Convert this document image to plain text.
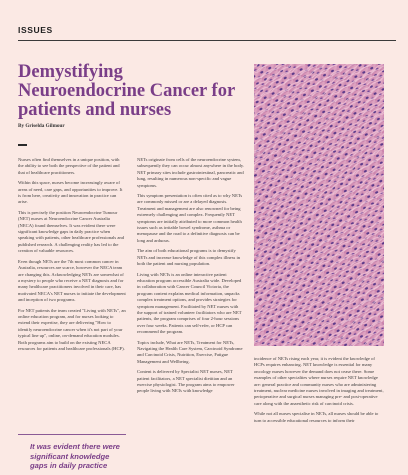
ISSUES
Demystifying Neuroendocrine Cancer for patients and nurses
By Griselda Gilmour

Nurses often find themselves in a unique position, with the ability to see both the perspective of the patient and that of healthcare practitioners.

Within this space, nurses become increasingly aware of areas of need, care gaps, and opportunities to improve. It is from here, creativity and innovation in practice can arise.

This is precisely the position Neuroendocrine Tumour (NET) nurses at Neuroendocrine Cancer Australia (NECA) found themselves. It was evident there were significant knowledge gaps in daily practice when speaking with patients, other healthcare professionals and published research. A challenging reality has led to the creation of valuable resources.

Even though NETs are the 7th most common cancer in Australia, resources are scarce, however the NECA team are changing this. Acknowledging NETs are somewhat of a mystery to people who receive a NET diagnosis and for many healthcare practitioners involved in their care, has motivated NECA's NET nurses to initiate the development and inception of two programs.

For NET patients the team created "Living with NETs", an online education program, and for nurses looking to extend their expertise, they are delivering "How to identify neuroendocrine cancer when it's not part of your typical line up", online, on-demand education modules. Both programs aim to build on the existing NECA resources for patients and healthcare professionals (HCP).

It was evident there were significant knowledge gaps in daily practice

NETs originate from cells of the neuroendocrine system, subsequently they can occur almost anywhere in the body. NET primary sites include gastrointestinal, pancreatic and lung, resulting in numerous non-specific and vague symptoms.

This symptom presentation is often cited as to why NETs are commonly missed or are a delayed diagnosis. Treatment and management are also renowned for being extremely challenging and complex. Frequently NET symptoms are initially attributed to more common health issues such as irritable bowel syndrome, asthma or menopause and the road to a definitive diagnosis can be long and arduous.

The aim of both educational programs is to demystify NETs and increase knowledge of this complex illness in both the patient and nursing population.

Living with NETs is an online interactive patient education program accessible Australia wide. Developed in collaboration with Cancer Council Victoria, the program content explains medical information, unpacks complex treatment options, and provides strategies for symptom management. Facilitated by NET nurses with the support of trained volunteer facilitators who are NET patients, the program comprises of four 2-hour sessions over four weeks. Patients can self-refer, or HCP can recommend the program.

Topics include, What are NETs, Treatment for NETs, Navigating the Health Care System, Carcinoid Syndrome and Carcinoid Crisis, Nutrition, Exercise, Fatigue Management and Wellbeing.

Content is delivered by Specialist NET nurses, NET patient facilitators, a NET specialist dietitian and an exercise physiologist. The program aims to empower people living with NETs with knowledge

incidence of NETs rising each year, it is evident the knowledge of HCPs requires enhancing. NET knowledge is essential for many oncology nurses however the demand does not cease there. Some examples of other specialties where nurses require NET knowledge are: general practice and community nurses who are administering treatment, nuclear medicine nurses involved in imaging and treatment, perioperative and surgical nurses managing pre- and post-operative care along with the anaesthetic risk of carcinoid crisis.

While not all nurses specialise in NETs, all nurses should be able to turn to accessible educational resources to inform their
